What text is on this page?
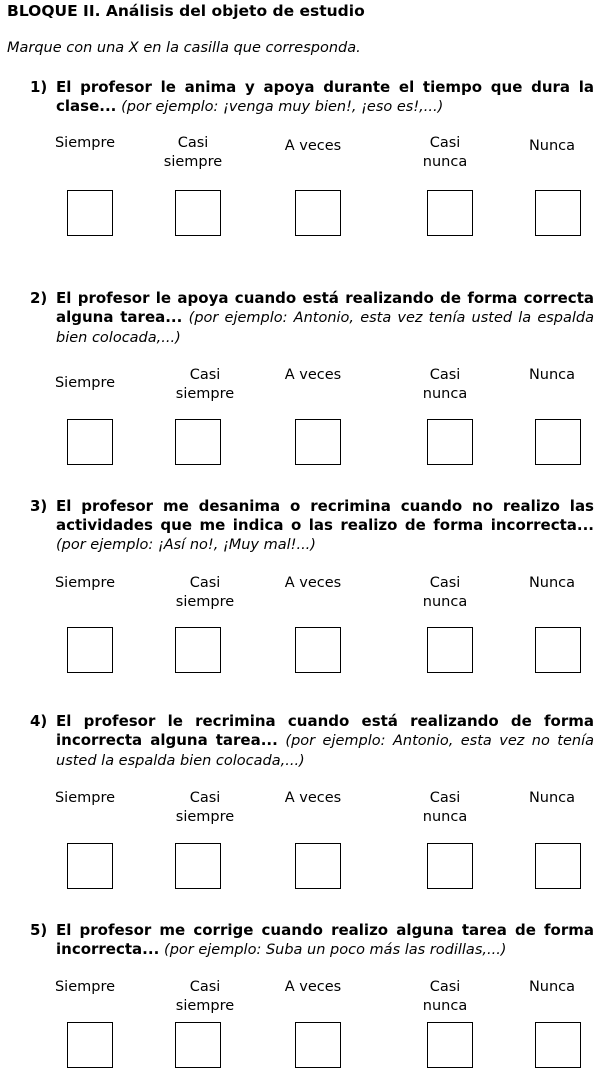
BLOQUE II. Análisis del objeto de estudio
Marque con una X en la casilla que corresponda.
1) El profesor le anima y apoya durante el tiempo que dura la clase... (por ejemplo: ¡venga muy bien!, ¡eso es!,...)
Siempre	Casi
siempre
A veces	Casi
nunca
Nunca
2) El profesor le apoya cuando está realizando de forma correcta alguna tarea... (por ejemplo: Antonio, esta vez tenía usted la espalda bien colocada,...)
Siempre	Casi
siempre
A veces	Casi
nunca
Nunca
3) El profesor me desanima o recrimina cuando no realizo las actividades que me indica o las realizo de forma incorrecta... (por ejemplo: ¡Así no!, ¡Muy mal!...)
Siempre	Casi
siempre
A veces	Casi
nunca
Nunca
4) El profesor le recrimina cuando está realizando de forma incorrecta alguna tarea... (por ejemplo: Antonio, esta vez no tenía usted la espalda bien colocada,...)
Siempre	Casi
siempre
A veces	Casi
nunca
Nunca
5) El profesor me corrige cuando realizo alguna tarea de forma incorrecta... (por ejemplo: Suba un poco más las rodillas,...)
Siempre	Casi
siempre
A veces	Casi
nunca
Nunca
